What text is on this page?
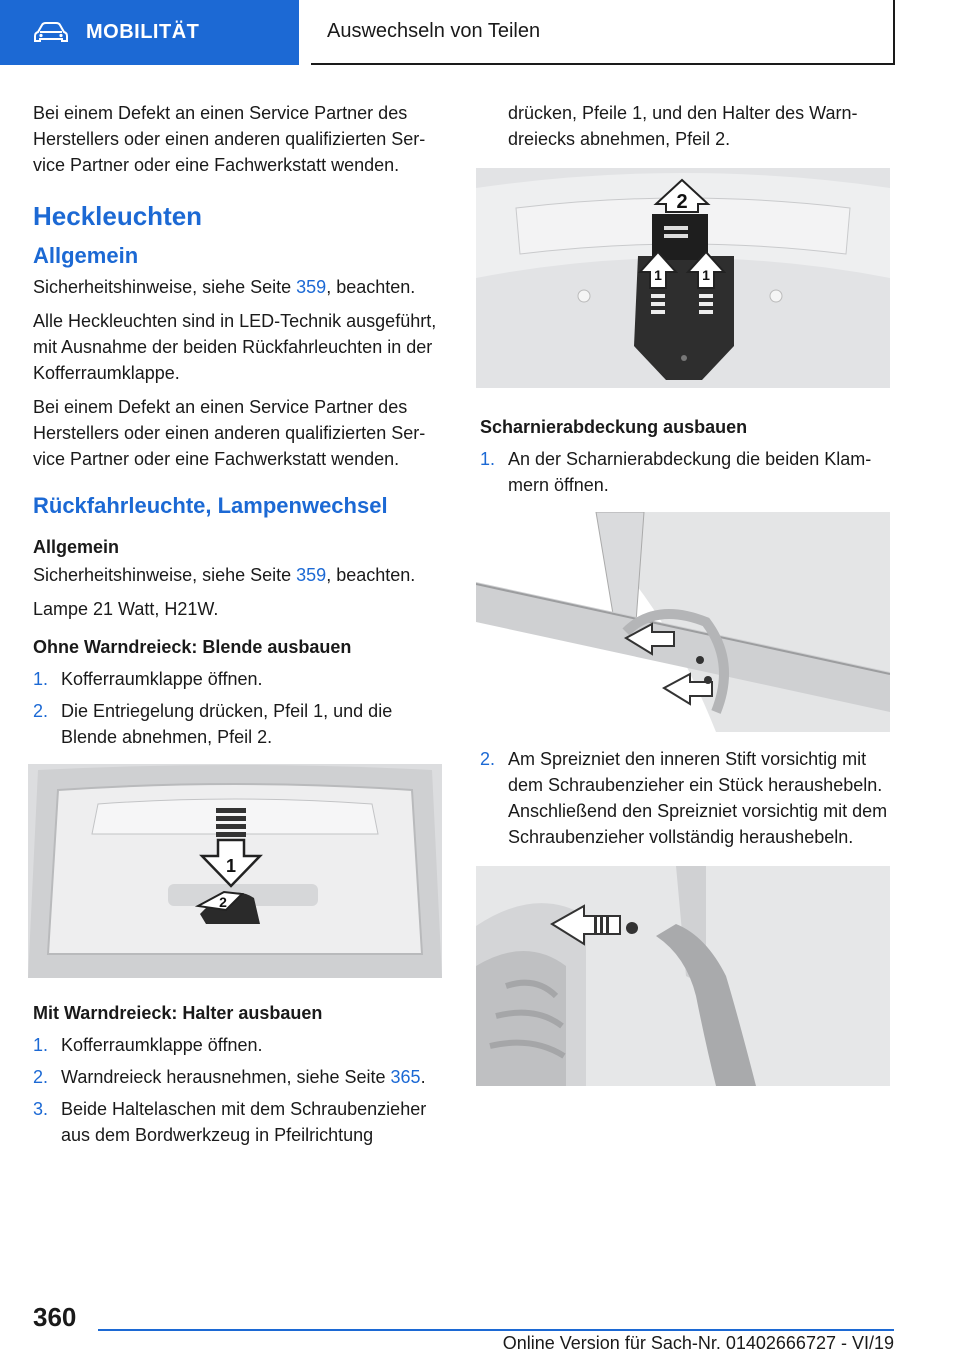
MOBILITÄT	Auswechseln von Teilen

Bei einem Defekt an einen Service Partner des Herstellers oder einen anderen qualifizierten Service Partner oder eine Fachwerkstatt wenden.

Heckleuchten
Allgemein

Sicherheitshinweise, siehe Seite 359, beachten.

Alle Heckleuchten sind in LED-Technik ausgeführt, mit Ausnahme der beiden Rückfahrleuchten in der Kofferraumklappe.

Bei einem Defekt an einen Service Partner des Herstellers oder einen anderen qualifizierten Service Partner oder eine Fachwerkstatt wenden.

Rückfahrleuchte, Lampenwechsel
Allgemein

Sicherheitshinweise, siehe Seite 359, beachten.

Lampe 21 Watt, H21W.

Ohne Warndreieck: Blende ausbauen
1. Kofferraumklappe öffnen.
2. Die Entriegelung drücken, Pfeil 1, und die Blende abnehmen, Pfeil 2.
1
2
Mit Warndreieck: Halter ausbauen
1. Kofferraumklappe öffnen.
2. Warndreieck herausnehmen, siehe Seite 365.
3. Beide Haltelaschen mit dem Schraubenzieher aus dem Bordwerkzeug in Pfeilrichtung

drücken, Pfeile 1, und den Halter des Warndreiecks abnehmen, Pfeil 2.

2
1	1
Scharnierabdeckung ausbauen
1. An der Scharnierabdeckung die beiden Klammern öffnen.
2. Am Spreizniet den inneren Stift vorsichtig mit dem Schraubenzieher ein Stück heraushebeln. Anschließend den Spreizniet vorsichtig mit dem Schraubenzieher vollständig heraushebeln.
360
Online Version für Sach-Nr. 01402666727 - VI/19
